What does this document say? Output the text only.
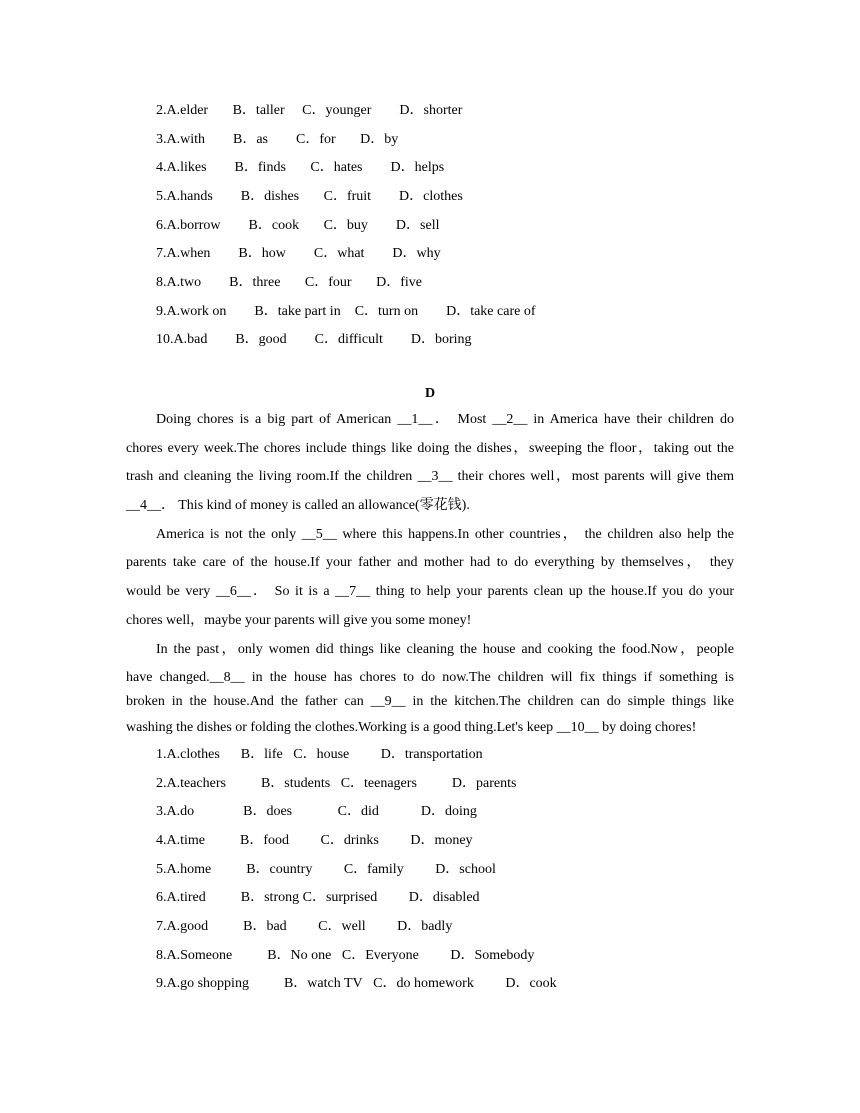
2.A.elder       B．taller     C．younger        D．shorter
3.A.with        B．as        C．for       D．by
4.A.likes        B．finds       C．hates        D．helps
5.A.hands        B．dishes       C．fruit        D．clothes
6.A.borrow        B．cook       C．buy        D．sell
7.A.when        B．how        C．what        D．why
8.A.two        B．three       C．four       D．five
9.A.work on        B．take part in    C．turn on        D．take care of
10.A.bad        B．good        C．difficult        D．boring
D
Doing chores is a big part of American __1__． Most __2__ in America have their children do
chores every week.The chores include things like doing the dishes，sweeping the floor，taking out the
trash and cleaning the living room.If the children __3__ their chores well，most parents will give them
__4__． This kind of money is called an allowance(零花钱).
America is not the only __5__ where this happens.In other countries， the children also help the
parents take care of the house.If your father and mother had to do everything by themselves， they
would be very __6__． So it is a __7__ thing to help your parents clean up the house.If you do your
chores well，maybe your parents will give you some money!
In the past，only women did things like cleaning the house and cooking the food.Now，people
have changed.__8__ in the house has chores to do now.The children will fix things if something is
broken in the house.And the father can __9__ in the kitchen.The children can do simple things like
washing the dishes or folding the clothes.Working is a good thing.Let's keep __10__ by doing chores!
1.A.clothes      B．life   C．house         D．transportation
2.A.teachers          B．students   C．teenagers          D．parents
3.A.do              B．does             C．did            D．doing
4.A.time          B．food         C．drinks         D．money
5.A.home          B．country         C．family         D．school
6.A.tired          B．strong C．surprised         D．disabled
7.A.good          B．bad         C．well         D．badly
8.A.Someone          B．No one   C．Everyone         D．Somebody
9.A.go shopping          B．watch TV   C．do homework         D．cook
